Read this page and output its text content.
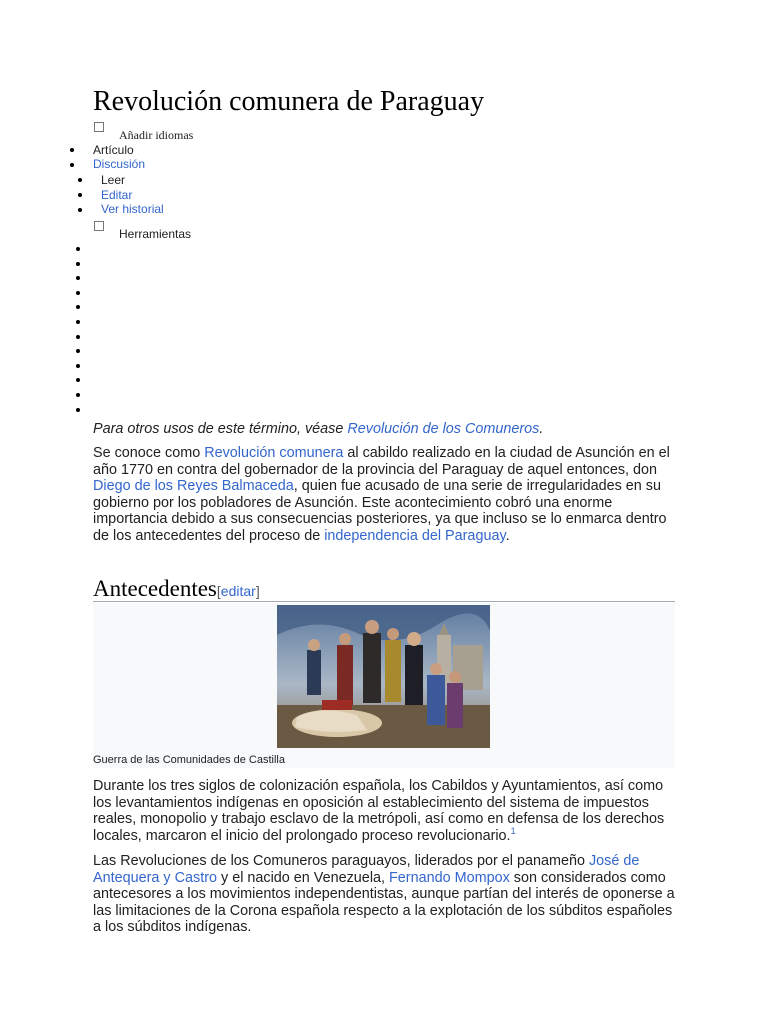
Revolución comunera de Paraguay
Añadir idiomas
Artículo
Discusión
Leer
Editar
Ver historial
Herramientas

Para otros usos de este término, véase Revolución de los Comuneros.

Se conoce como Revolución comunera al cabildo realizado en la ciudad de Asunción en el año 1770 en contra del gobernador de la provincia del Paraguay de aquel entonces, don Diego de los Reyes Balmaceda, quien fue acusado de una serie de irregularidades en su gobierno por los pobladores de Asunción. Este acontecimiento cobró una enorme importancia debido a sus consecuencias posteriores, ya que incluso se lo enmarca dentro de los antecedentes del proceso de independencia del Paraguay.

Antecedentes[editar]
Guerra de las Comunidades de Castilla

Durante los tres siglos de colonización española, los Cabildos y Ayuntamientos, así como los levantamientos indígenas en oposición al establecimiento del sistema de impuestos reales, monopolio y trabajo esclavo de la metrópoli, así como en defensa de los derechos locales, marcaron el inicio del prolongado proceso revolucionario.$^1$

Las Revoluciones de los Comuneros paraguayos, liderados por el panameño José de Antequera y Castro y el nacido en Venezuela, Fernando Mompox son considerados como antecesores a los movimientos independentistas, aunque partían del interés de oponerse a las limitaciones de la Corona española respecto a la explotación de los súbditos españoles a los súbditos indígenas.
